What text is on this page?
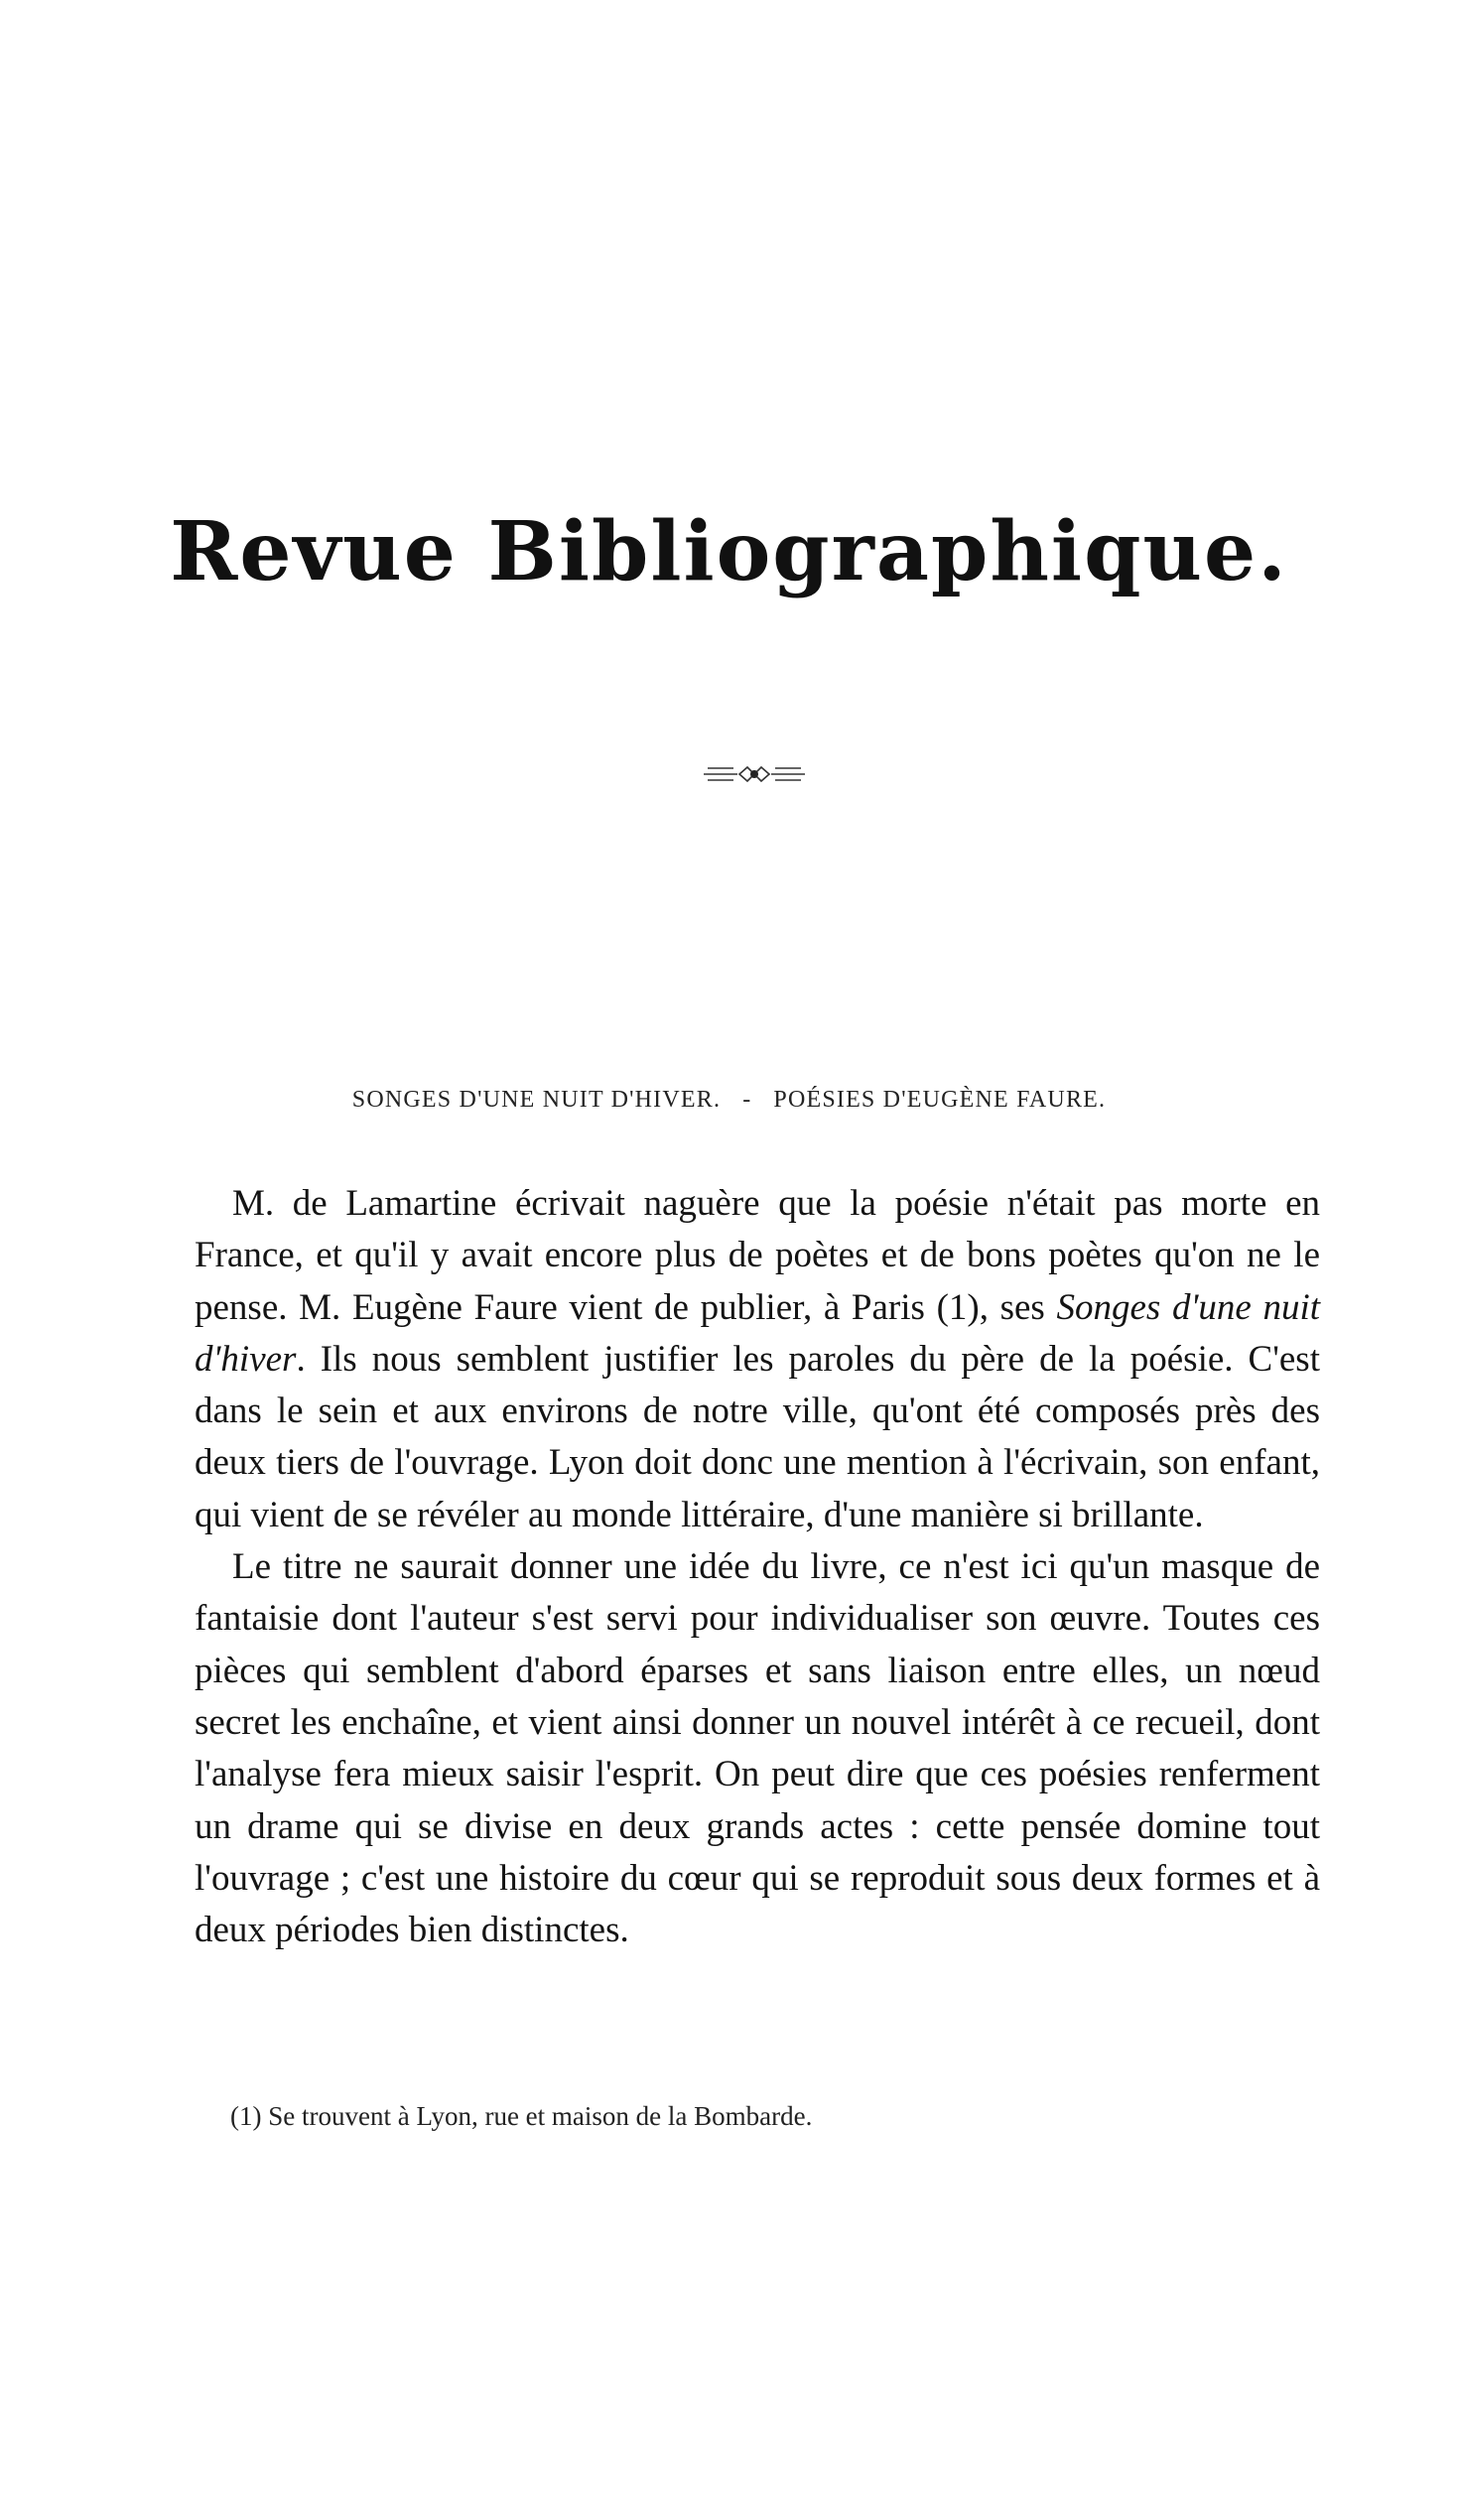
Revue Bibliographique.
SONGES D'UNE NUIT D'HIVER. - POÉSIES D'EUGÈNE FAURE.

M. de Lamartine écrivait naguère que la poésie n'était pas morte en France, et qu'il y avait encore plus de poètes et de bons poètes qu'on ne le pense. M. Eugène Faure vient de publier, à Paris (1), ses Songes d'une nuit d'hiver. Ils nous semblent justifier les paroles du père de la poésie. C'est dans le sein et aux environs de notre ville, qu'ont été composés près des deux tiers de l'ouvrage. Lyon doit donc une mention à l'écrivain, son enfant, qui vient de se révéler au monde littéraire, d'une manière si brillante.

Le titre ne saurait donner une idée du livre, ce n'est ici qu'un masque de fantaisie dont l'auteur s'est servi pour individualiser son œuvre. Toutes ces pièces qui semblent d'abord éparses et sans liaison entre elles, un nœud secret les enchaîne, et vient ainsi donner un nouvel intérêt à ce recueil, dont l'analyse fera mieux saisir l'esprit. On peut dire que ces poésies renferment un drame qui se divise en deux grands actes : cette pensée domine tout l'ouvrage ; c'est une histoire du cœur qui se reproduit sous deux formes et à deux périodes bien distinctes.

(1) Se trouvent à Lyon, rue et maison de la Bombarde.
